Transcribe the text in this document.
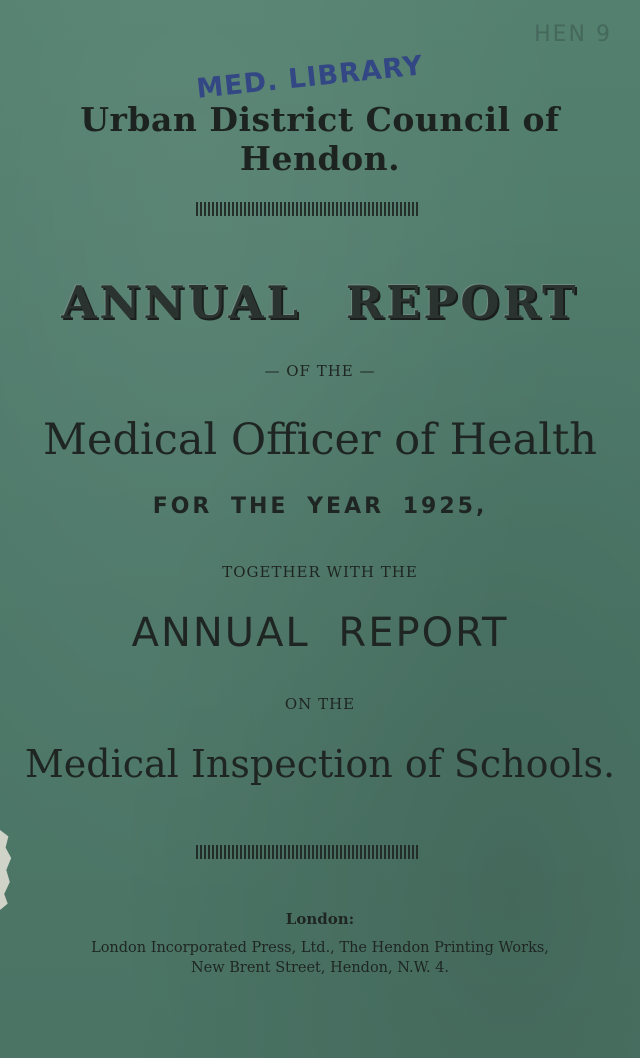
HEN 9
Urban District Council of Hendon.
MED. LIBRARY
ANNUAL REPORT
— OF THE —
Medical Officer of Health
FOR THE YEAR 1925,
TOGETHER WITH THE
ANNUAL REPORT
ON THE
Medical Inspection of Schools.
London:
London Incorporated Press, Ltd., The Hendon Printing Works,
New Brent Street, Hendon, N.W. 4.
